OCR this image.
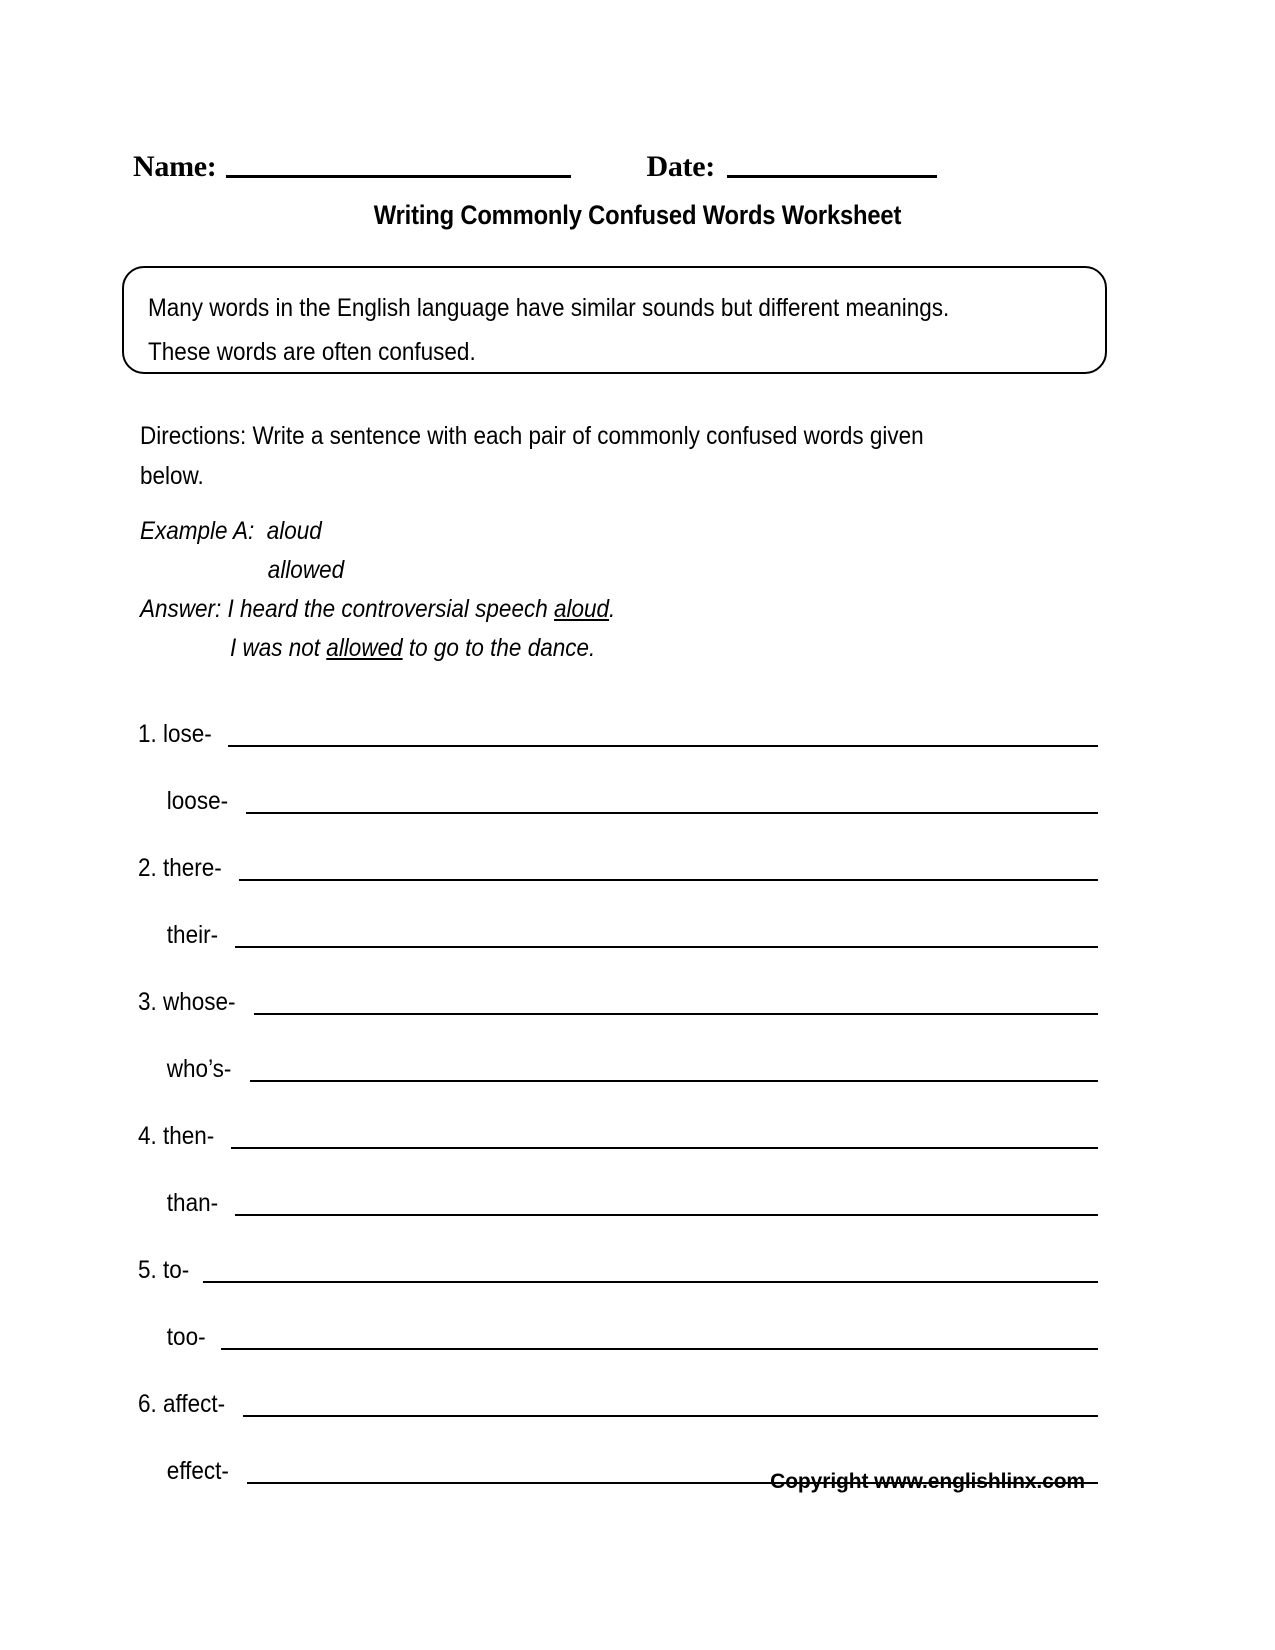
Name:	Date:
Writing Commonly Confused Words Worksheet
Many words in the English language have similar sounds but different meanings.
These words are often confused.
Directions: Write a sentence with each pair of commonly confused words given
below.
Example A: aloud
allowed
Answer: I heard the controversial speech aloud.
I was not allowed to go to the dance.
1. lose-
loose-
2. there-
their-
3. whose-
who’s-
4. then-
than-
5. to-
too-
6. affect-
effect-	Copyright www.englishlinx.com
